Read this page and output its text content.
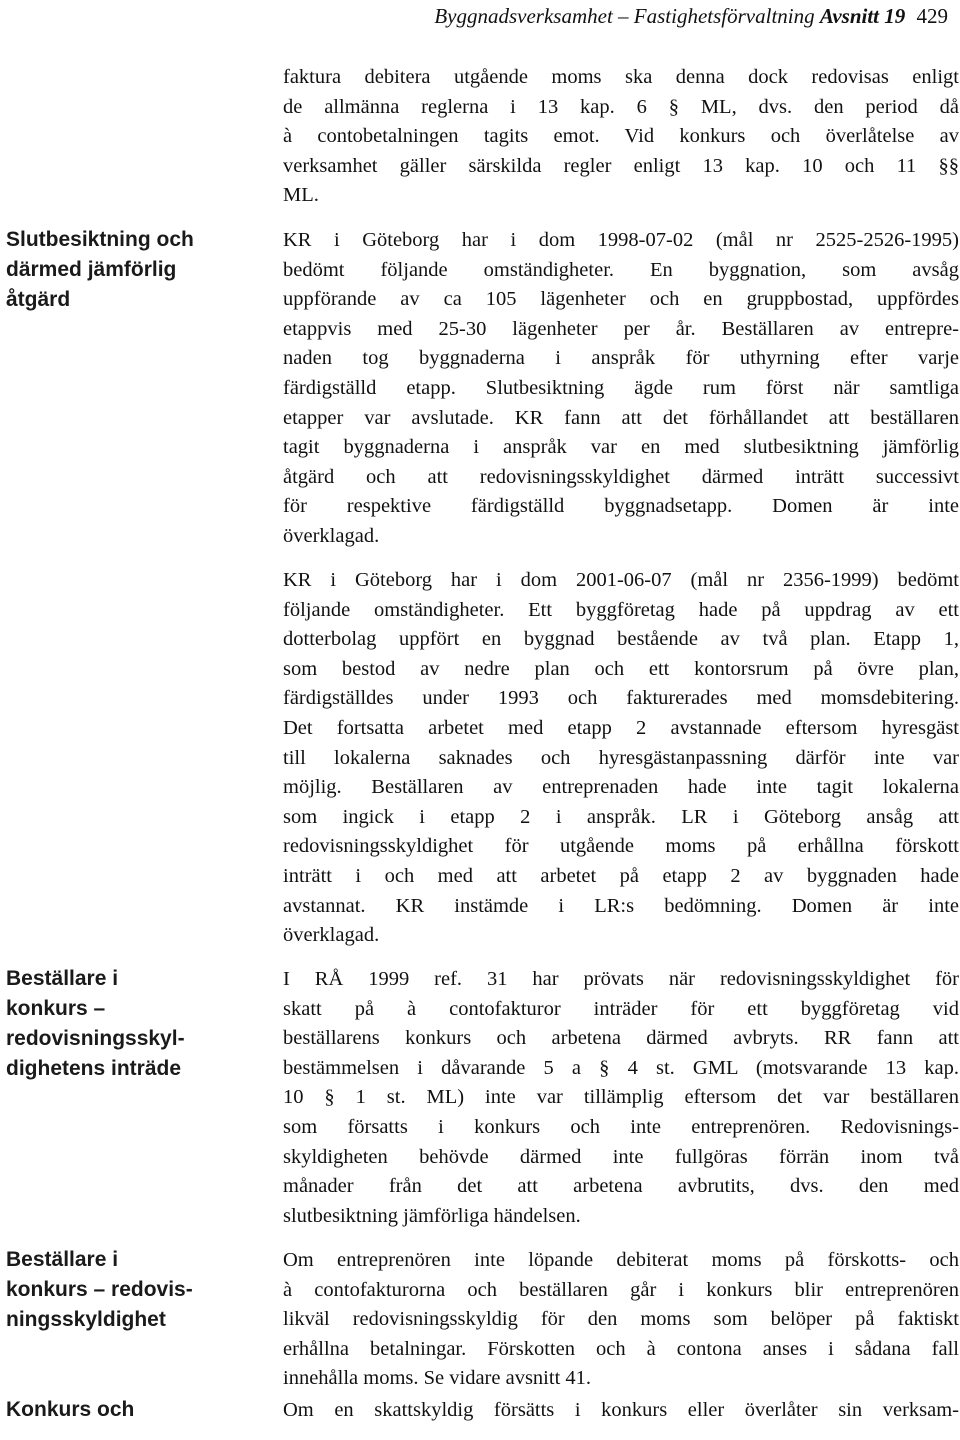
Byggnadsverksamhet – Fastighetsförvaltning Avsnitt 19 429
Slutbesiktning och
därmed jämförlig
åtgärd
Beställare i
konkurs –
redovisningsskyl-
dighetens inträde
Beställare i
konkurs – redovis-
ningsskyldighet
Konkurs och

faktura debitera utgående moms ska denna dock redovisas enligt
de allmänna reglerna i 13 kap. 6 § ML, dvs. den period då
à contobetalningen tagits emot. Vid konkurs och överlåtelse av
verksamhet gäller särskilda regler enligt 13 kap. 10 och 11 §§
ML.

KR i Göteborg har i dom 1998-07-02 (mål nr 2525-2526-1995)
bedömt följande omständigheter. En byggnation, som avsåg
uppförande av ca 105 lägenheter och en gruppbostad, uppfördes
etappvis med 25-30 lägenheter per år. Beställaren av entrepre-
naden tog byggnaderna i anspråk för uthyrning efter varje
färdigställd etapp. Slutbesiktning ägde rum först när samtliga
etapper var avslutade. KR fann att det förhållandet att beställaren
tagit byggnaderna i anspråk var en med slutbesiktning jämförlig
åtgärd och att redovisningsskyldighet därmed inträtt successivt
för respektive färdigställd byggnadsetapp. Domen är inte
överklagad.

KR i Göteborg har i dom 2001-06-07 (mål nr 2356-1999) bedömt
följande omständigheter. Ett byggföretag hade på uppdrag av ett
dotterbolag uppfört en byggnad bestående av två plan. Etapp 1,
som bestod av nedre plan och ett kontorsrum på övre plan,
färdigställdes under 1993 och fakturerades med momsdebitering.
Det fortsatta arbetet med etapp 2 avstannade eftersom hyresgäst
till lokalerna saknades och hyresgästanpassning därför inte var
möjlig. Beställaren av entreprenaden hade inte tagit lokalerna
som ingick i etapp 2 i anspråk. LR i Göteborg ansåg att
redovisningsskyldighet för utgående moms på erhållna förskott
inträtt i och med att arbetet på etapp 2 av byggnaden hade
avstannat. KR instämde i LR:s bedömning. Domen är inte
överklagad.

I RÅ 1999 ref. 31 har prövats när redovisningsskyldighet för
skatt på à contofakturor inträder för ett byggföretag vid
beställarens konkurs och arbetena därmed avbryts. RR fann att
bestämmelsen i dåvarande 5 a § 4 st. GML (motsvarande 13 kap.
10 § 1 st. ML) inte var tillämplig eftersom det var beställaren
som försatts i konkurs och inte entreprenören. Redovisnings-
skyldigheten behövde därmed inte fullgöras förrän inom två
månader från det att arbetena avbrutits, dvs. den med
slutbesiktning jämförliga händelsen.

Om entreprenören inte löpande debiterat moms på förskotts- och
à contofakturorna och beställaren går i konkurs blir entreprenören
likväl redovisningsskyldig för den moms som belöper på faktiskt
erhållna betalningar. Förskotten och à contona anses i sådana fall
innehålla moms. Se vidare avsnitt 41.

Om en skattskyldig försätts i konkurs eller överlåter sin verksam-
